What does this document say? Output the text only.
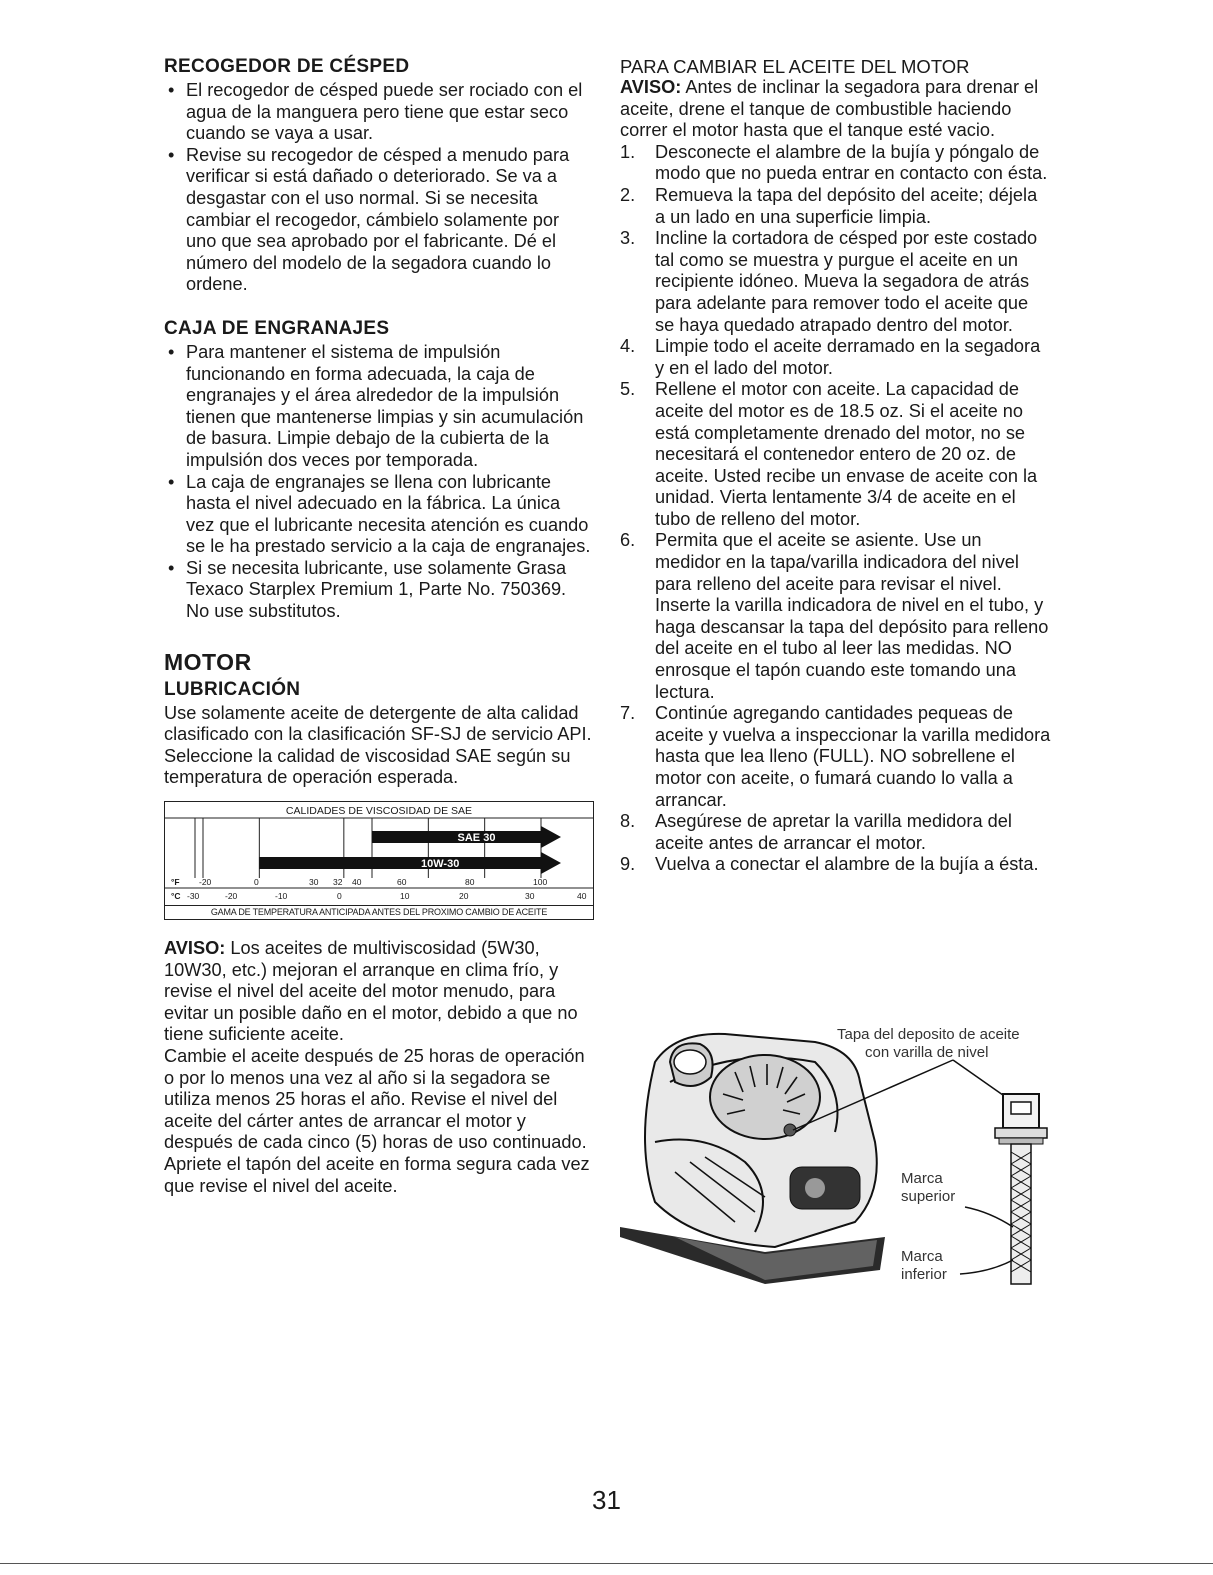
RECOGEDOR DE CÉSPED
• El recogedor de césped puede ser rociado con el agua de la manguera pero tiene que estar seco cuando se vaya a usar.
• Revise su recogedor de césped a menudo para verificar si está dañado o deteriorado. Se va a desgastar con el uso normal. Si se necesita cambiar el recogedor, cámbielo solamente por uno que sea aprobado por el fabricante. Dé el número del modelo de la segadora cuando lo ordene.
CAJA DE ENGRANAJES
• Para mantener el sistema de impulsión funcionando en forma adecuada, la caja de engranajes y el área alrededor de la impulsión tienen que mantenerse limpias y sin acumulación de basura. Limpie debajo de la cubierta de la impulsión dos veces por temporada.
• La caja de engranajes se llena con lubricante hasta el nivel adecuado en la fábrica. La única vez que el lubricante necesita atención es cuando se le ha prestado servicio a la caja de engranajes.
• Si se necesita lubricante, use solamente Grasa Texaco Starplex Premium 1, Parte No. 750369. No use substitutos.
MOTOR
LUBRICACIÓN

Use solamente aceite de detergente de alta calidad clasificado con la clasificación SF-SJ de servicio API. Seleccione la calidad de viscosidad SAE según su temperatura de operación esperada.

CALIDADES DE VISCOSIDAD DE SAE
SAE 30
10W-30
°F -20	0	30 32 40	60	80	100
°C -30	-20	-10	0	10	20	30	40
GAMA DE TEMPERATURA ANTICIPADA ANTES DEL PROXIMO CAMBIO DE ACEITE

AVISO: Los aceites de multiviscosidad (5W30, 10W30, etc.) mejoran el arranque en clima frío, y revise el nivel del aceite del motor menudo, para evitar un posible daño en el motor, debido a que no tiene suficiente aceite.

Cambie el aceite después de 25 horas de operación o por lo menos una vez al año si la segadora se utiliza menos 25 horas el año. Revise el nivel del aceite del cárter antes de arrancar el motor y después de cada cinco (5) horas de uso continuado. Apriete el tapón del aceite en forma segura cada vez que revise el nivel del aceite.

PARA CAMBIAR EL ACEITE DEL MOTOR

AVISO: Antes de inclinar la segadora para drenar el aceite, drene el tanque de combustible haciendo correr el motor hasta que el tanque esté vacio.

1.	Desconecte el alambre de la bujía y póngalo de modo que no pueda entrar en contacto con ésta.
2.	Remueva la tapa del depósito del aceite; déjela a un lado en una superficie limpia.
3.	Incline la cortadora de césped por este costado tal como se muestra y purgue el aceite en un recipiente idóneo. Mueva la segadora de atrás para adelante para remover todo el aceite que se haya quedado atrapado dentro del motor.
4.	Limpie todo el aceite derramado en la segadora y en el lado del motor.
5.	Rellene el motor con aceite. La capacidad de aceite del motor es de 18.5 oz. Si el aceite no está completamente drenado del motor, no se necesitará el contenedor entero de 20 oz. de aceite. Usted recibe un envase de aceite con la unidad. Vierta lentamente 3/4 de aceite en el tubo de relleno del motor.
6.	Permita que el aceite se asiente. Use un medidor en la tapa/varilla indicadora del nivel para relleno del aceite para revisar el nivel. Inserte la varilla indicadora de nivel en el tubo, y haga descansar la tapa del depósito para relleno del aceite en el tubo al leer las medidas. NO enrosque el tapón cuando este tomando una lectura.
7.	Continúe agregando cantidades pequeas de aceite y vuelva a inspeccionar la varilla medidora hasta que lea lleno (FULL). NO sobrellene el motor con aceite, o fumará cuando lo valla a arrancar.
8.	Asegúrese de apretar la varilla medidora del aceite antes de arrancar el motor.
9.	Vuelva a conectar el alambre de la bujía a ésta.
Tapa del deposito de aceite
con varilla de nivel
Marca
superior
Marca
inferior
31
